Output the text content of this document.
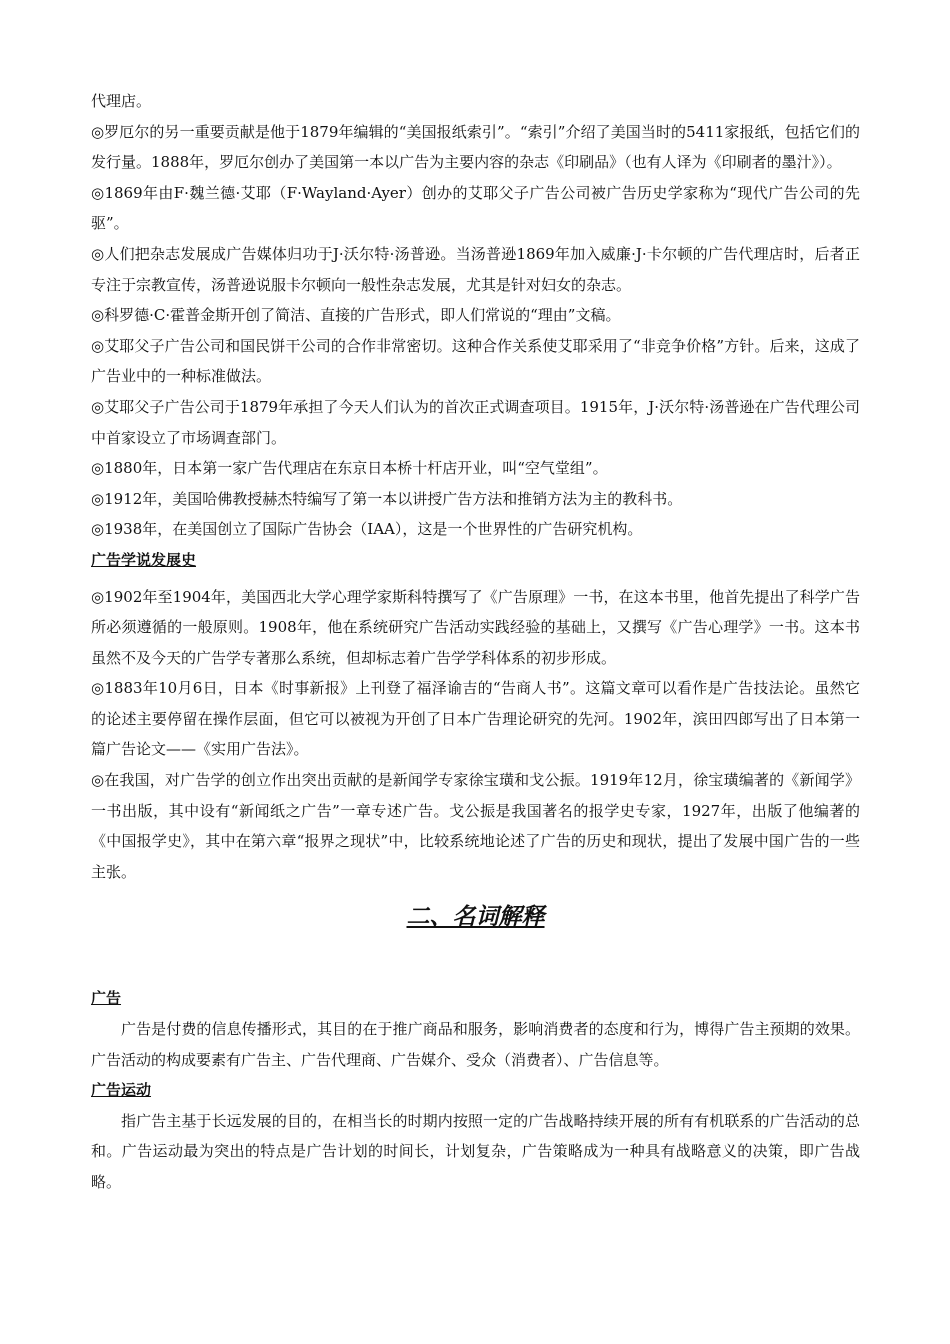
代理店。

◎罗厄尔的另一重要贡献是他于1879年编辑的“美国报纸索引”。“索引”介绍了美国当时的5411家报纸，包括它们的发行量。1888年，罗厄尔创办了美国第一本以广告为主要内容的杂志《印刷品》（也有人译为《印刷者的墨汁》）。

◎1869年由F·魏兰德·艾耶（F·Wayland·Ayer）创办的艾耶父子广告公司被广告历史学家称为“现代广告公司的先驱”。

◎人们把杂志发展成广告媒体归功于J·沃尔特·汤普逊。当汤普逊1869年加入威廉·J·卡尔顿的广告代理店时，后者正专注于宗教宣传，汤普逊说服卡尔顿向一般性杂志发展，尤其是针对妇女的杂志。

◎科罗德·C·霍普金斯开创了简洁、直接的广告形式，即人们常说的“理由”文稿。

◎艾耶父子广告公司和国民饼干公司的合作非常密切。这种合作关系使艾耶采用了“非竞争价格”方针。后来，这成了广告业中的一种标准做法。

◎艾耶父子广告公司于1879年承担了今天人们认为的首次正式调查项目。1915年，J·沃尔特·汤普逊在广告代理公司中首家设立了市场调查部门。

◎1880年，日本第一家广告代理店在东京日本桥十杆店开业，叫“空气堂组”。

◎1912年，美国哈佛教授赫杰特编写了第一本以讲授广告方法和推销方法为主的教科书。

◎1938年，在美国创立了国际广告协会（IAA），这是一个世界性的广告研究机构。

广告学说发展史

◎1902年至1904年，美国西北大学心理学家斯科特撰写了《广告原理》一书，在这本书里，他首先提出了科学广告所必须遵循的一般原则。1908年，他在系统研究广告活动实践经验的基础上，又撰写《广告心理学》一书。这本书虽然不及今天的广告学专著那么系统，但却标志着广告学学科体系的初步形成。

◎1883年10月6日，日本《时事新报》上刊登了福泽谕吉的“告商人书”。这篇文章可以看作是广告技法论。虽然它的论述主要停留在操作层面，但它可以被视为开创了日本广告理论研究的先河。1902年，滨田四郎写出了日本第一篇广告论文——《实用广告法》。

◎在我国，对广告学的创立作出突出贡献的是新闻学专家徐宝璜和戈公振。1919年12月，徐宝璜编著的《新闻学》一书出版，其中设有“新闻纸之广告”一章专述广告。戈公振是我国著名的报学史专家，1927年，出版了他编著的《中国报学史》，其中在第六章“报界之现状”中，比较系统地论述了广告的历史和现状，提出了发展中国广告的一些主张。

二、名词解释

广告

广告是付费的信息传播形式，其目的在于推广商品和服务，影响消费者的态度和行为，博得广告主预期的效果。广告活动的构成要素有广告主、广告代理商、广告媒介、受众（消费者）、广告信息等。

广告运动

指广告主基于长远发展的目的，在相当长的时期内按照一定的广告战略持续开展的所有有机联系的广告活动的总和。广告运动最为突出的特点是广告计划的时间长，计划复杂，广告策略成为一种具有战略意义的决策，即广告战略。
